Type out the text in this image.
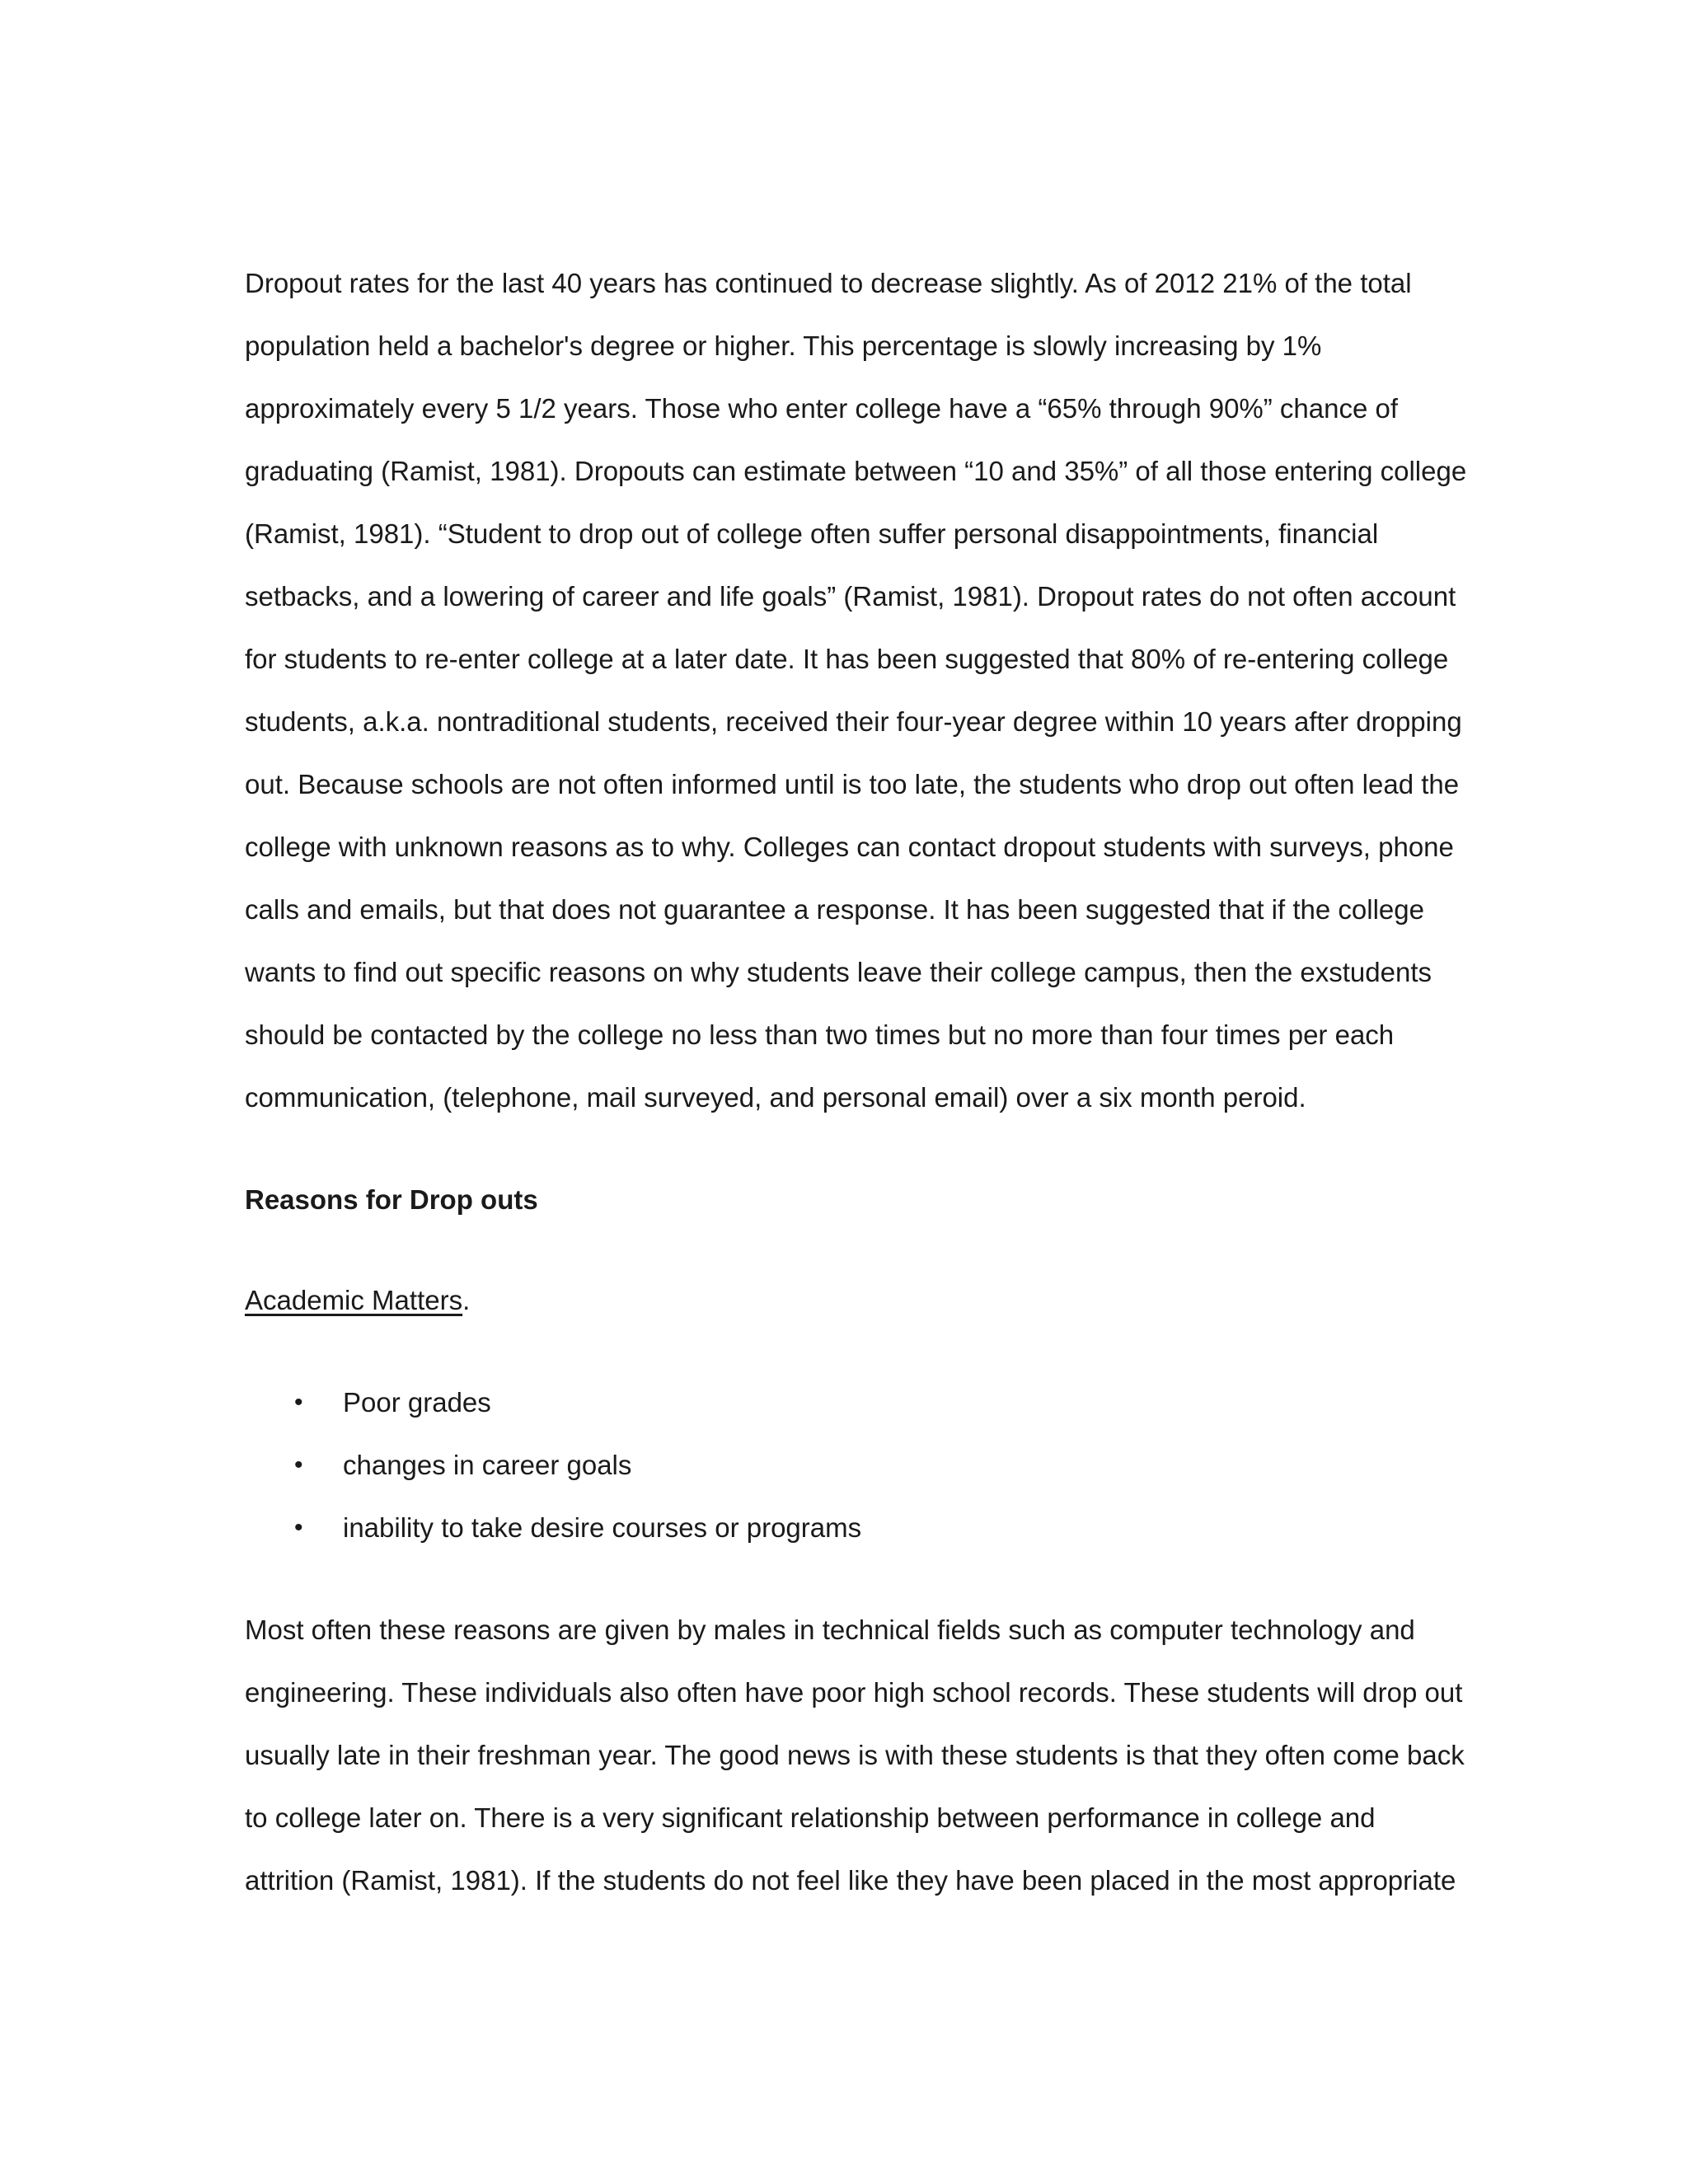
Dropout rates for the last 40 years has continued to decrease slightly. As of 2012 21% of the total
population held a bachelor's degree or higher. This percentage is slowly increasing by 1%
approximately every 5 1/2 years. Those who enter college have a “65% through 90%” chance of
graduating (Ramist, 1981). Dropouts can estimate between “10 and 35%” of all those entering college
(Ramist, 1981). “Student to drop out of college often suffer personal disappointments, financial
setbacks, and a lowering of career and life goals” (Ramist, 1981). Dropout rates do not often account
for students to re-enter college at a later date. It has been suggested that 80% of re-entering college
students, a.k.a. nontraditional students, received their four-year degree within 10 years after dropping
out. Because schools are not often informed until is too late, the students who drop out often lead the
college with unknown reasons as to why. Colleges can contact dropout students with surveys, phone
calls and emails, but that does not guarantee a response. It has been suggested that if the college
wants to find out specific reasons on why students leave their college campus, then the exstudents
should be contacted by the college no less than two times but no more than four times per each
communication, (telephone, mail surveyed, and personal email) over a six month peroid.
Reasons for Drop outs
Academic Matters.
• Poor grades
• changes in career goals
• inability to take desire courses or programs
Most often these reasons are given by males in technical fields such as computer technology and
engineering. These individuals also often have poor high school records. These students will drop out
usually late in their freshman year. The good news is with these students is that they often come back
to college later on. There is a very significant relationship between performance in college and
attrition (Ramist, 1981). If the students do not feel like they have been placed in the most appropriate
